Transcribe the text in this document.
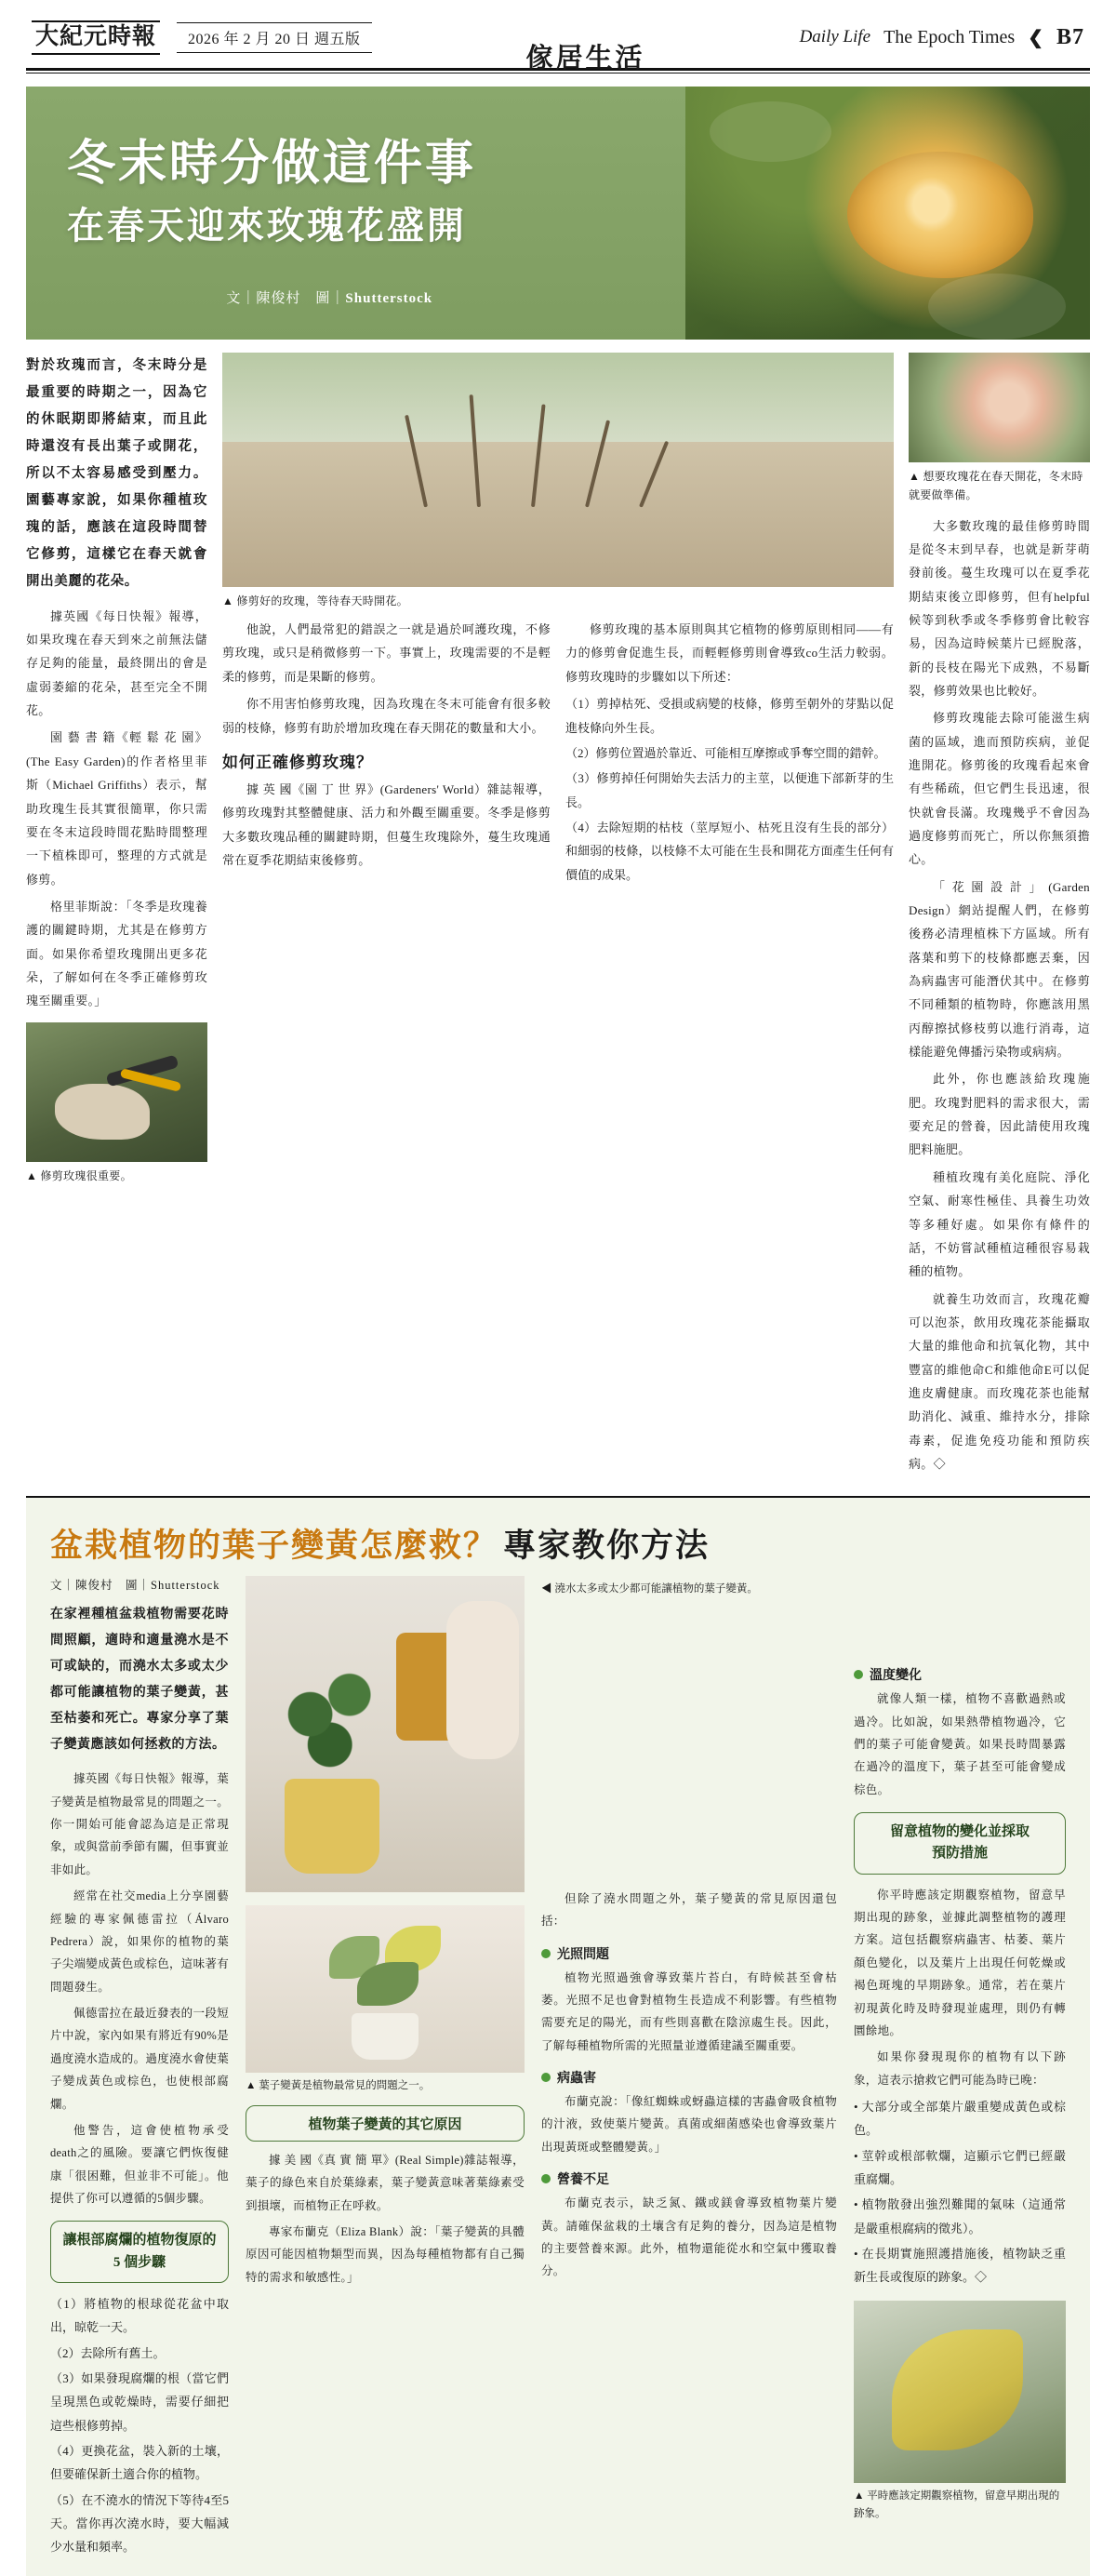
大紀元時報	2026 年 2 月 20 日 週五版
傢居生活
Daily Life The Epoch Times ❮ B7
冬末時分做這件事
在春天迎來玫瑰花盛開
文｜陳俊村　圖｜Shutterstock
對於玫瑰而言，冬末時分是最重要的時期之一，因為它的休眠期即將結束，而且此時還沒有長出葉子或開花，所以不太容易感受到壓力。園藝專家說，如果你種植玫瑰的話，應該在這段時間替它修剪，這樣它在春天就會開出美麗的花朵。

據英國《每日快報》報導，如果玫瑰在春天到來之前無法儲存足夠的能量，最終開出的會是虛弱萎縮的花朵，甚至完全不開花。

園 藝 書 籍《輕 鬆 花 園》(The Easy Garden)的作者格里菲斯（Michael Griffiths）表示，幫助玫瑰生長其實很簡單，你只需要在冬末這段時間花點時間整理一下植株即可，整理的方式就是修剪。

格里菲斯說：「冬季是玫瑰養護的關鍵時期，尤其是在修剪方面。如果你希望玫瑰開出更多花朵，了解如何在冬季正確修剪玫瑰至關重要。」

▲ 修剪玫瑰很重要。
▲ 修剪好的玫瑰，等待春天時開花。

他說，人們最常犯的錯誤之一就是過於呵護玫瑰，不修剪玫瑰，或只是稍微修剪一下。事實上，玫瑰需要的不是輕柔的修剪，而是果斷的修剪。

你不用害怕修剪玫瑰，因為玫瑰在冬末可能會有很多較弱的枝條，修剪有助於增加玫瑰在春天開花的數量和大小。

如何正確修剪玫瑰？

據 英 國《園 丁 世 界》(Gardeners' World）雜誌報導，修剪玫瑰對其整體健康、活力和外觀至關重要。冬季是修剪大多數玫瑰品種的關鍵時期，但蔓生玫瑰除外，蔓生玫瑰通常在夏季花期結束後修剪。

修剪玫瑰的基本原則與其它植物的修剪原則相同——有力的修剪會促進生長，而輕輕修剪則會導致со生活力較弱。修剪玫瑰時的步驟如以下所述：

（1）剪掉枯死、受損或病變的枝條，修剪至朝外的芽點以促進枝條向外生長。
（2）修剪位置過於靠近、可能相互摩擦或爭奪空間的錯幹。
（3）修剪掉任何開始失去活力的主莖，以便進下部新芽的生長。
（4）去除短期的枯枝（莖厚短小、枯死且沒有生長的部分）和細弱的枝條，以枝條不太可能在生長和開花方面產生任何有價值的成果。
▲ 想要玫瑰花在春天開花，冬末時就要做準備。

大多數玫瑰的最佳修剪時間是從冬末到早春，也就是新芽萌發前後。蔓生玫瑰可以在夏季花期結束後立即修剪，但有helpful候等到秋季或冬季修剪會比較容易，因為這時候葉片已經脫落，新的長枝在陽光下成熟，不易斷裂，修剪效果也比較好。

修剪玫瑰能去除可能滋生病菌的區域，進而預防疾病，並促進開花。修剪後的玫瑰看起來會有些稀疏，但它們生長迅速，很快就會長滿。玫瑰幾乎不會因為過度修剪而死亡，所以你無須擔心。

「花園設計」(Garden Design）網站提醒人們，在修剪後務必清理植株下方區域。所有落葉和剪下的枝條都應丟棄，因為病蟲害可能潛伏其中。在修剪不同種類的植物時，你應該用黑丙醇擦拭修枝剪以進行消毒，這樣能避免傳播污染物或病病。

此外，你也應該給玫瑰施肥。玫瑰對肥料的需求很大，需要充足的營養，因此請使用玫瑰肥料施肥。

種植玫瑰有美化庭院、淨化空氣、耐寒性極佳、具養生功效等多種好處。如果你有條件的話，不妨嘗試種植這種很容易栽種的植物。

就養生功效而言，玫瑰花瓣可以泡茶，飲用玫瑰花茶能攝取大量的維他命和抗氧化物，其中豐富的維他命C和維他命E可以促進皮膚健康。而玫瑰花茶也能幫助消化、減重、維持水分，排除毒素，促進免疫功能和預防疾病。◇

盆栽植物的葉子變黃怎麼救？ 專家教你方法
文｜陳俊村　圖｜Shutterstock
在家裡種植盆栽植物需要花時間照顧，適時和適量澆水是不可或缺的，而澆水太多或太少都可能讓植物的葉子變黃，甚至枯萎和死亡。專家分享了葉子變黃應該如何拯救的方法。

據英國《每日快報》報導，葉子變黃是植物最常見的問題之一。你一開始可能會認為這是正常現象，或與當前季節有關，但事實並非如此。

經常在社交media上分享園藝經驗的專家佩德雷拉（Álvaro Pedrera）說，如果你的植物的葉子尖端變成黃色或棕色，這味著有問題發生。

佩德雷拉在最近發表的一段短片中說，家內如果有將近有90%是過度澆水造成的。過度澆水會使葉子變成黃色或棕色，也使根部腐爛。

他警告，這會使植物承受death之的風險。要讓它們恢復健康「很困難，但並非不可能」。他提供了你可以遵循的5個步驟。

讓根部腐爛的植物復原的
5 個步驟
（1）將植物的根球從花盆中取出，晾乾一天。
（2）去除所有舊土。
（3）如果發現腐爛的根（當它們呈現黑色或乾燥時，需要仔細把這些根修剪掉。
（4）更換花盆，裝入新的土壤，但要確保新土適合你的植物。
（5）在不澆水的情況下等待4至5天。當你再次澆水時，要大幅減少水量和頻率。
▲ 葉子變黃是植物最常見的問題之一。
植物葉子變黃的其它原因

據 美 國《真 實 簡 單》(Real Simple)雜誌報導，葉子的綠色來自於葉綠素，葉子變黃意味著葉綠素受到損壞，而植物正在呼救。

專家布蘭克（Eliza Blank）說：「葉子變黃的具體原因可能因植物類型而異，因為每種植物都有自己獨特的需求和敏感性。」

◀ 澆水太多或太少都可能讓植物的葉子變黃。

但除了澆水問題之外，葉子變黃的常見原因還包括：

光照問題

植物光照過強會導致葉片苔白，有時候甚至會枯萎。光照不足也會對植物生長造成不利影響。有些植物需要充足的陽光，而有些則喜歡在陰涼處生長。因此，了解每種植物所需的光照量並遵循建議至關重要。

病蟲害

布蘭克說：「像紅蜘蛛或蚜蟲這樣的害蟲會吸食植物的汁液，致使葉片變黃。真菌或細菌感染也會導致葉片出現黃斑或整體變黃。」

營養不足

布蘭克表示，缺乏氮、鐵或鎂會導致植物葉片變黃。請確保盆栽的土壤含有足夠的養分，因為這是植物的主要營養來源。此外，植物還能從水和空氣中獲取養分。

溫度變化

就像人類一樣，植物不喜歡過熱或過冷。比如說，如果熱帶植物過冷，它們的葉子可能會變黃。如果長時間暴露在過冷的溫度下，葉子甚至可能會變成棕色。

留意植物的變化並採取
預防措施

你平時應該定期觀察植物，留意早期出現的跡象，並據此調整植物的護理方案。這包括觀察病蟲害、枯萎、葉片顏色變化，以及葉片上出現任何乾燥或褐色斑塊的早期跡象。通常，若在葉片初現黃化時及時發現並處理，則仍有轉圜餘地。

如果你發現現你的植物有以下跡象，這表示搶救它們可能為時已晚：

• 大部分或全部葉片嚴重變成黃色或棕色。
• 莖幹或根部軟爛，這顯示它們已經嚴重腐爛。
• 植物散發出強烈難聞的氣味（這通常是嚴重根腐病的徵兆）。
• 在長期實施照護措施後，植物缺乏重新生長或復原的跡象。◇
▲ 平時應該定期觀察植物，留意早期出現的跡象。
